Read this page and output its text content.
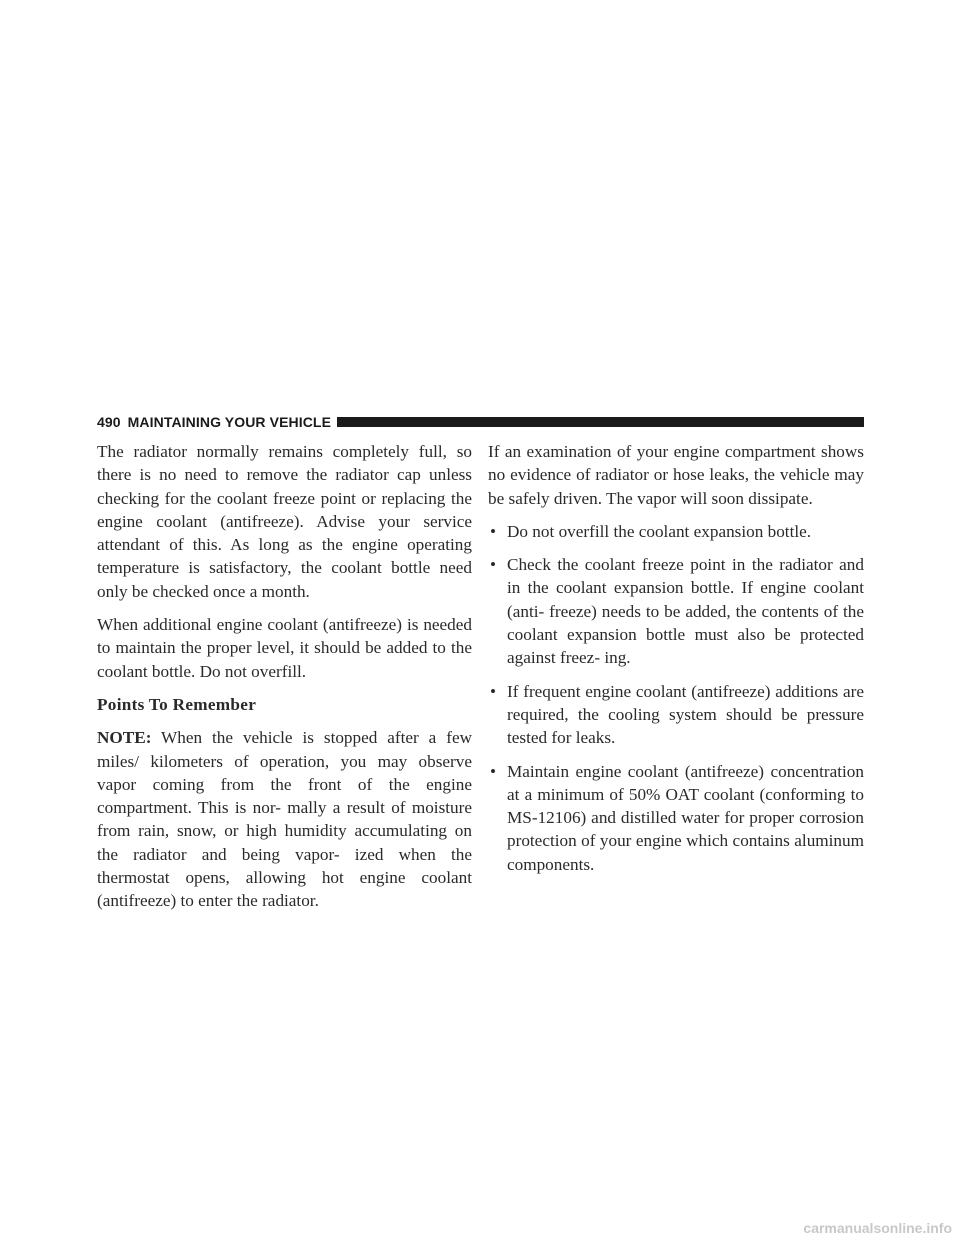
490 MAINTAINING YOUR VEHICLE

The radiator normally remains completely full, so there is no need to remove the radiator cap unless checking for the coolant freeze point or replacing the engine coolant (antifreeze). Advise your service attendant of this. As long as the engine operating temperature is satisfactory, the coolant bottle need only be checked once a month.

When additional engine coolant (antifreeze) is needed to maintain the proper level, it should be added to the coolant bottle. Do not overfill.

Points To Remember

NOTE: When the vehicle is stopped after a few miles/ kilometers of operation, you may observe vapor coming from the front of the engine compartment. This is nor- mally a result of moisture from rain, snow, or high humidity accumulating on the radiator and being vapor- ized when the thermostat opens, allowing hot engine coolant (antifreeze) to enter the radiator.

If an examination of your engine compartment shows no evidence of radiator or hose leaks, the vehicle may be safely driven. The vapor will soon dissipate.

• Do not overfill the coolant expansion bottle.
• Check the coolant freeze point in the radiator and in the coolant expansion bottle. If engine coolant (anti- freeze) needs to be added, the contents of the coolant expansion bottle must also be protected against freez- ing.
• If frequent engine coolant (antifreeze) additions are required, the cooling system should be pressure tested for leaks.
• Maintain engine coolant (antifreeze) concentration at a minimum of 50% OAT coolant (conforming to MS-12106) and distilled water for proper corrosion protection of your engine which contains aluminum components.
carmanualsonline.info
